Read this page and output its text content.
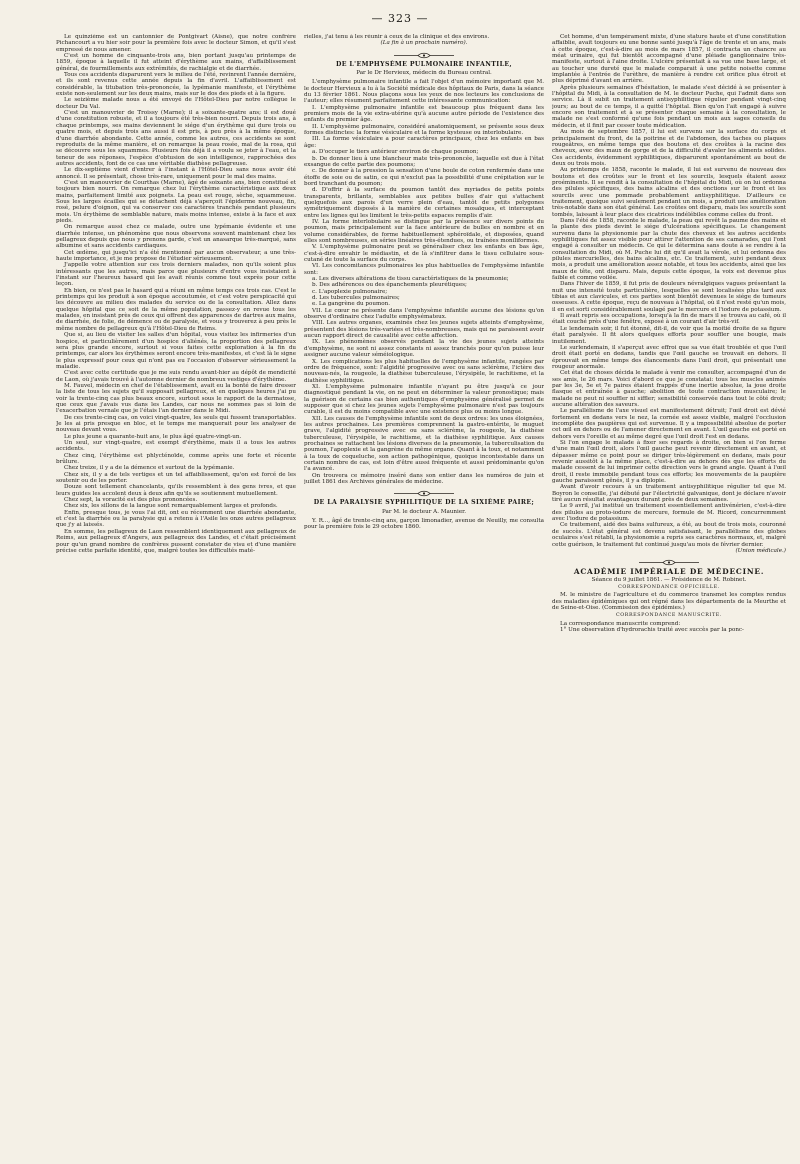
— 323 —

Le quinzième est un cantonnier de Pontgivart (Aisne), que notre confrère Pichancourt a vu hier soir pour la première fois avec le docteur Simon, et qu'il s'est empressé de nous amener.

C'est un homme de cinquante-trois ans, bien portant jusqu'au printemps de 1859, époque à laquelle il fut atteint d'érythème aux mains, d'affaiblissement général, de fourmillements aux extrémités, de rachialgie et de diarrhée.

Tous ces accidents disparurent vers le milieu de l'été, revinrent l'année dernière, et ils sont revenus cette année depuis la fin d'avril. L'affaiblissement est considérable, la titubation très-prononcée, la lypémanie manifeste, et l'érythème existe non-seulement sur les deux mains, mais sur le dos des pieds et à la figure.

Le seizième malade nous a été envoyé de l'Hôtel-Dieu par notre collègue le docteur Du Val.

C'est un manouvrier de Troissy (Marne); il a soixante-quatre ans; il est doué d'une constitution robuste, et il a toujours été très-bien nourri. Depuis trois ans, à chaque printemps, ses mains deviennent le siége d'un érythème qui dure trois ou quatre mois, et depuis trois ans aussi il est pris, à peu près à la même époque, d'une diarrhée abondante. Cette année, comme les autres, ces accidents se sont reproduits de la même manière, et on remarque la peau rosée, mal de la rosa, qui se découvre sous les squammes. Plusieurs fois déjà il a voulu se jeter à l'eau, et la teneur de ses réponses, l'espèce d'obtusion de son intelligence, rapprochées des autres accidents, font de ce cas une véritable diathèse pellagreuse.

Le dix-septième vient d'entrer à l'instant à l'Hôtel-Dieu sans nous avoir été annoncé. Il se présentait, chose très-rare, uniquement pour le mal des mains.

C'est un manouvrier de Courthas (Marne), âgé de soixante ans, bien constitué et toujours bien nourri. On remarque chez lui l'érythème caractéristique aux deux mains, parfaitement limité aux poignets. La peau est rouge, sèche, squammeuse. Sous les larges écailles qui se détachent déjà s'aperçoit l'épiderme nouveau, fin, rosé, pelure d'oignon, qui va conserver ces caractères tranchés pendant plusieurs mois. Un érythème de semblable nature, mais moins intense, existe à la face et aux pieds.

On remarque aussi chez ce malade, outre une lypémanie évidente et une diarrhée intense, un phénomène que nous observons souvent maintenant chez les pellagreux depuis que nous y prenons garde, c'est un anasarque très-marqué, sans albumine et sans accidents cardiaques.

Cet œdème, qui jusqu'ici n'a été mentionné par aucun observateur, a une très-haute importance, et je me propose de l'étudier sérieusement.

J'appelle votre attention sur ces trois derniers malades, non qu'ils soient plus intéressants que les autres, mais parce que plusieurs d'entre vous insistaient à l'instant sur l'heureux hasard qui les avait réunis comme tout exprès pour cette leçon.

Eh bien, ce n'est pas le hasard qui a réuni en même temps ces trois cas. C'est le printemps qui les produit à son époque accoutumée, et c'est votre perspicacité qui les découvre au milieu des malades du service ou de la consultation. Allez dans quelque hôpital que ce soit de la même population, passez-y en revue tous les malades, en insistant près de ceux qui offrent des apparences de dartres aux mains, de diarrhée, de folie, de démence ou de paralysie, et vous y trouverez à peu près le même nombre de pellagreux qu'à l'Hôtel-Dieu de Reims.

Que si, au lieu de visiter les salles d'un hôpital, vous visitez les infirmeries d'un hospice, et particulièrement d'un hospice d'aliénés, la proportion des pellagreux sera plus grande encore, surtout si vous faites cette exploration à la fin du printemps, car alors les érythèmes seront encore très-manifestes, et c'est là le signe le plus expressif pour ceux qui n'ont pas eu l'occasion d'observer sérieusement la maladie.

C'est avec cette certitude que je me suis rendu avant-hier au dépôt de mendicité de Laon, où j'avais trouvé à l'automne dernier de nombreux vestiges d'érythème.

M. Fauvel, médecin en chef de l'établissement, avait eu la bonté de faire dresser la liste de tous les sujets qu'il supposait pellagreux, et en quelques heures j'ai pu voir la trente-cinq cas plus beaux encore, surtout sous le rapport de la dermatose, que ceux que j'avais vus dans les Landes, car nous ne sommes pas si loin de l'exacerbation vernale que je l'étais l'an dernier dans le Midi.

De ces trente-cinq cas, on voici vingt-quatre, les seuls qui fussent transportables. Je les ai pris presque en bloc, et le temps me manquerait pour les analyser de nouveau devant vous.

Le plus jeune a quarante-huit ans, le plus âgé quatre-vingt-un.

Un seul, sur vingt-quatre, est exempt d'érythème, mais il a tous les autres accidents.

Chez cinq, l'érythème est phlycténoïde, comme après une forte et récente brûlure.

Chez treize, il y a de la démence et surtout de la lypémanie.

Chez six, il y a de tels vertiges et un tel affaiblissement, qu'on est forcé de les soutenir ou de les porter.

Douze sont tellement chancelants, qu'ils ressemblent à des gens ivres, et que leurs guides les accolent deux à deux afin qu'ils se soutiennent mutuellement.

Chez sept, la voracité est des plus prononcées.

Chez six, les sillons de la langue sont remarquablement larges et profonds.

Enfin, presque tous, je vous l'ai dit, ont eu récemment une diarrhée abondante, et c'est la diarrhée ou la paralysie qui a retenu à l'Asile les onze autres pellagreux que j'y ai laissés.

En somme, les pellagreux de Laon ressemblent identiquement aux pellagreux de Reims, aux pellagreux d'Angers, aux pellagreux des Landes, et c'était précisément pour qu'un grand nombre de confrères pussent constater de visu et d'une manière précise cette parfaite identité, que, malgré toutes les difficultés maté-

rielles, j'ai tenu à les réunir à ceux de la clinique et des environs.

(La fin à un prochain numéro).

DE L'EMPHYSÈME PULMONAIRE INFANTILE,
Par le Dr Hervieux, médecin du Bureau central.

L'emphysème pulmonaire infantile a fait l'objet d'un mémoire important que M. le docteur Hervieux a lu à la Société médicale des hôpitaux de Paris, dans la séance du 13 février 1861. Nous plaçons sous les yeux de nos lecteurs les conclusions de l'auteur; elles résument parfaitement cette intéressante communication:

I. L'emphysème pulmonaire infantile est beaucoup plus fréquent dans les premiers mois de la vie extra-utérine qu'à aucune autre période de l'existence des enfants du premier âge.

II. L'emphysème pulmonaire, considéré anatomiquement, se présente sous deux formes distinctes: la forme vésiculaire et la forme kysteuse ou interlobulaire.

III. La forme vésiculaire a pour caractères principaux, chez les enfants en bas âge:

a. D'occuper le tiers antérieur environ de chaque poumon;

b. De donner lieu à une blancheur mate très-prononcée, laquelle est due à l'état exsangue de cette partie des poumons;

c. De donner à la pression la sensation d'une boule de coton renfermée dans une étoffe de soie ou de satin, ce qui n'exclut pas la possibilité d'une crépitation sur le bord tranchant du poumon;

d. D'offrir à la surface du poumon tantôt des myriades de petits points transparents, brillants, semblables aux petites bulles d'air qui s'attachent quelquefois aux parois d'un verre plein d'eau, tantôt de petits polygones symétriquement disposés à la manière de certaines mosaïques, et interceptant entre les lignes qui les limitent le très-petits espaces remplis d'air.

IV. La forme interlobulaire se distingue par la présence sur divers points du poumon, mais principalement sur la face antérieure de bulles en nombre et en volume considérables, de forme habituellement sphéroïdale, et disposées, quand elles sont nombreuses, en séries linéaires très-étendues, ou traînées moniliformes.

V. L'emphysème pulmonaire peut se généraliser chez les enfants en bas âge, c'est-à-dire envahir le médiastin, et de là s'infiltrer dans le tissu cellulaire sous-cutané de toute la surface du corps.

VI. Les concomitances pulmonaires les plus habituelles de l'emphysème infantile sont:

a. Les diverses altérations de tissu caractéristiques de la pneumonie;

b. Des adhérences ou des épanchements pleurétiques;

c. L'apoplexie pulmonaire;

d. Les tubercules pulmonaires;

e. La gangrène du poumon.

VII. Le cœur ne présente dans l'emphysème infantile aucune des lésions qu'on observe d'ordinaire chez l'adulte emphysémateux.

VIII. Les autres organes, examinés chez les jeunes sujets atteints d'emphysème, présentent des lésions très-variées et très-nombreuses, mais qui ne paraissent avoir aucun rapport direct de causalité avec cette affection.

IX. Les phénomènes observés pendant la vie des jeunes sujets atteints d'emphysème, ne sont ni assez constants ni assez tranchés pour qu'on puisse leur assigner aucune valeur séméiologique.

X. Les complications les plus habituelles de l'emphysème infantile, rangées par ordre de fréquence, sont: l'algidité progressive avec ou sans sclérème, l'ictère des nouveau-nés, la rougeole, la diathèse tuberculeuse, l'érysipèle, le rachitisme, et la diathèse syphilitique.

XI. L'emphysème pulmonaire infantile n'ayant pu être jusqu'à ce jour diagnostiqué pendant la vie, on ne peut en déterminer la valeur pronostique; mais la guérison de certains cas bien authentiques d'emphysème généralisé permet de supposer que si chez les jeunes sujets l'emphysème pulmonaire n'est pas toujours curable, il est du moins compatible avec une existence plus ou moins longue.

XII. Les causes de l'emphysème infantile sont de deux ordres: les unes éloignées, les autres prochaines. Les premières comprennent la gastro-entérite, le muguet grave, l'algidité progressive avec ou sans sclérème, la rougeole, la diathèse tuberculeuse, l'érysipèle, le rachitisme, et la diathèse syphilitique. Aux causes prochaines se rattachent les lésions diverses de la pneumonie, la tuberculisation du poumon, l'apoplexie et la gangrène du même organe. Quant à la toux, et notamment à la toux de coqueluche, son action pathogénique, quoique incontestable dans un certain nombre de cas, est loin d'être aussi fréquente et aussi prédominante qu'on l'a avancé.

On trouvera ce mémoire inséré dans son entier dans les numéros de juin et juillet 1861 des Archives générales de médecine.

DE LA PARALYSIE SYPHILITIQUE DE LA SIXIÈME PAIRE;
Par M. le docteur A. Maunier.

Y. R..., âgé de trente-cinq ans, garçon limonadier, avenue de Neuilly, me consulta pour la première fois le 29 octobre 1860.

Cet homme, d'un tempérament mixte, d'une stature haute et d'une constitution affaiblie, avait toujours eu une bonne santé jusqu'à l'âge de trente et un ans, mais à cette époque, c'est-à-dire au mois de mars 1857, il contracta un chancre au méat urinaire, qui fut bientôt accompagné d'une pléiade ganglionnaire très-manifeste, surtout à l'aine droite. L'ulcère présentait à sa vue une base large, et au toucher une dureté que le malade comparait à une petite noisette comme implantée à l'entrée de l'urèthre, de manière à rendre cet orifice plus étroit et plus déprimé d'avant en arrière.

Après plusieurs semaines d'hésitation, le malade s'est décidé à se présenter à l'hôpital du Midi, à la consultation de M. le docteur Puche, qui l'admit dans son service. Là il subit un traitement antisyphilitique régulier pendant vingt-cinq jours; au bout de ce temps, il a quitté l'hôpital. Bien qu'on l'ait engagé à suivre encore son traitement et à se présenter chaque semaine à la consultation, le malade ne s'est conformé qu'une fois pendant un mois aux sages conseils du médecin, et il finit par cesser toute médication.

Au mois de septembre 1857, il lui est survenu sur la surface du corps et principalement du front, de la poitrine et de l'abdomen, des taches ou plaques rougeâtres, en même temps que des boutons et des croûtes à la racine des cheveux, avec des maux de gorge et de la difficulté d'avaler les aliments solides. Ces accidents, évidemment syphilitiques, disparurent spontanément au bout de deux ou trois mois.

Au printemps de 1858, raconte le malade, il lui est survenu de nouveau des boutons et des croûtes sur le front et les sourcils, lesquels étaient assez proéminents. Il se rendit à la consultation de l'hôpital du Midi, où on lui ordonna des pilules spécifiques, des bains alcalins et des onctions sur le front et les sourcils avec une pommade probablement antisyphilitique. D'ailleurs ce traitement, quoique suivi seulement pendant un mois, a produit une amélioration très-notable dans son état général. Les croûtes ont disparu, mais les sourcils sont tombés, laissant à leur place des cicatrices indélébiles comme celles du front.

Dans l'été de 1858, raconte le malade, la peau qui revêt la paume des mains et la plante des pieds devint le siége d'ulcérations spécifiques. Le changement survenu dans la physionomie par la chute des cheveux et les autres accidents syphilitiques fut assez visible pour attirer l'attention de ses camarades, qui l'ont engagé à consulter un médecin. Ce qui le détermina sans doute à se rendre à la consultation du Midi, où M. Puche lui dit qu'il avait la vérole, et lui ordonna des pilules mercurielles, des bains alcalins, etc. Ce traitement, suivi pendant deux mois, a produit une amélioration assez notable, et tous les accidents, ainsi que les maux de tête, ont disparu. Mais, depuis cette époque, la voix est devenue plus faible et comme voilée.

Dans l'hiver de 1859, il fut pris de douleurs névralgiques vagues présentant la nuit une intensité toute particulière, lesquelles se sont localisées plus tard aux tibias et aux clavicules, et ces parties sont bientôt devenues le siége de tumeurs osseuses. A cette époque, reçu de nouveau à l'hôpital, où il n'est resté qu'un mois, il en est sorti considérablement soulagé par le mercure et l'iodure de potassium.

Il avait repris ses occupations, lorsqu'à la fin de mars il se trouva au café, où il était couché près d'une fenêtre, exposé à un courant d'air très-vif.

Le lendemain soir, il fut étonné, dit-il, de voir que la moitié droite de sa figure était paralysée. Il fit alors quelques efforts pour souffler une bougie, mais inutilement.

Le surlendemain, il s'aperçut avec effroi que sa vue était troublée et que l'œil droit était porté en dedans, tandis que l'œil gauche se trouvait en dehors. Il éprouvait en même temps des élancements dans l'œil droit, qui présentait une rougeur anormale.

Cet état de choses décida le malade à venir me consulter, accompagné d'un de ses amis, le 26 mars. Voici d'abord ce que je constatai: tous les muscles animés par les 3e, 5e et 7e paires étaient frappés d'une inertie absolue, la joue droite flasque et entraînée à gauche; abolition de toute contraction musculaire; le malade ne peut ni souffler ni siffler; sensibilité conservée dans tout le côté droit; aucune altération des saveurs.

Le parallélisme de l'axe visuel est manifestement détruit; l'œil droit est dévié fortement en dedans vers le nez, la cornée est assez visible, malgré l'occlusion incomplète des paupières qui est survenue. Il y a impossibilité absolue de porter cet œil en dehors ou de l'amener directement en avant. L'œil gauche est porté en dehors vers l'oreille et au même degré que l'œil droit l'est en dedans.

Si l'on engage le malade à fixer ses regards à droite, on bien si l'on ferme d'une main l'œil droit, alors l'œil gauche peut revenir directement en avant, et dépasser même ce point pour se diriger très-légèrement en dedans, mais pour revenir aussitôt à la même place, c'est-à-dire au dehors dès que les efforts du malade cessent de lui imprimer cette direction vers le grand angle. Quant à l'œil droit, il reste immobile pendant tous ces efforts; les mouvements de la paupière gauche paraissent gênés, il y a diplopie.

Avant d'avoir recours à un traitement antisyphilitique régulier tel que M. Boyron le conseille, j'ai débuté par l'électricité galvanique, dont je déclare n'avoir tiré aucun résultat avantageux durant près de deux semaines.

Le 9 avril, j'ai institué un traitement essentiellement antivénérien, c'est-à-dire des pilules au proto-iodure de mercure, formule de M. Ricord, concurremment avec l'iodure de potassium.

Ce traitement, aidé des bains sulfureux, a été, au bout de trois mois, couronné de succès. L'état général est devenu satisfaisant, le parallélisme des globes oculaires s'est rétabli, la physionomie a repris ses caractères normaux, et, malgré cette guérison, le traitement fut continué jusqu'au mois de février dernier.

(Union médicale.)

ACADÉMIE IMPÉRIALE DE MÉDECINE.

Séance du 9 juillet 1861. — Présidence de M. Robinet.

CORRESPONDANCE OFFICIELLE.

M. le ministre de l'agriculture et du commerce transmet les comptes rendus des maladies épidémiques qui ont régné dans les départements de la Meurthe et de Seine-et-Oise. (Commission des épidémies.)

CORRESPONDANCE MANUSCRITE.

La correspondance manuscrite comprend:

1° Une observation d'hydrorachis traité avec succès par la ponc-
